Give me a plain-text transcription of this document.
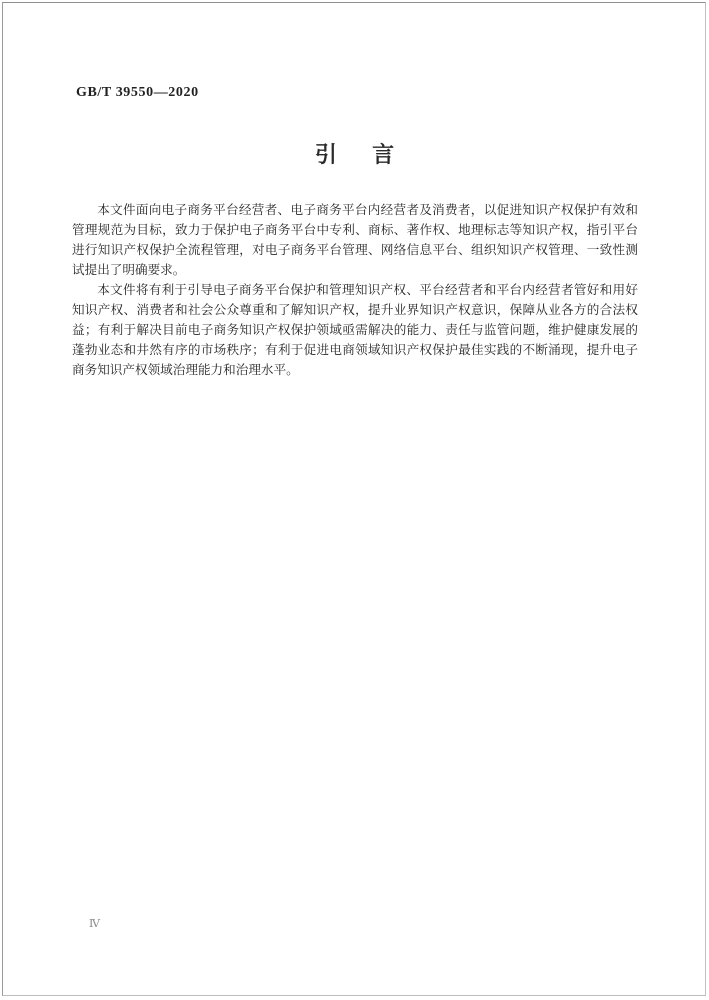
GB/T 39550—2020
引言

本文件面向电子商务平台经营者、电子商务平台内经营者及消费者，以促进知识产权保护有效和管理规范为目标，致力于保护电子商务平台中专利、商标、著作权、地理标志等知识产权，指引平台进行知识产权保护全流程管理，对电子商务平台管理、网络信息平台、组织知识产权管理、一致性测试提出了明确要求。

本文件将有利于引导电子商务平台保护和管理知识产权、平台经营者和平台内经营者管好和用好知识产权、消费者和社会公众尊重和了解知识产权，提升业界知识产权意识，保障从业各方的合法权益；有利于解决目前电子商务知识产权保护领域亟需解决的能力、责任与监管问题，维护健康发展的蓬勃业态和井然有序的市场秩序；有利于促进电商领域知识产权保护最佳实践的不断涌现，提升电子商务知识产权领域治理能力和治理水平。

Ⅳ
